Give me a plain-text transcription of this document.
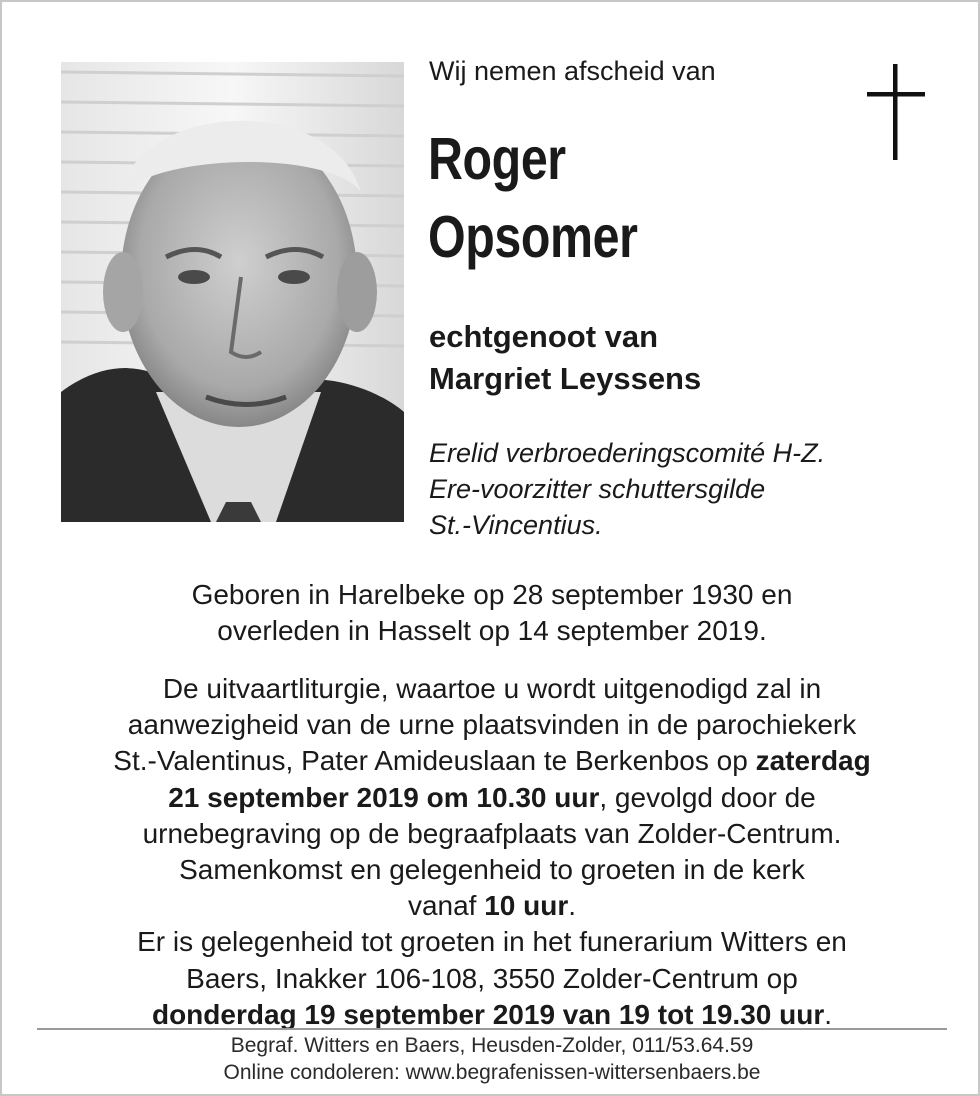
Wij nemen afscheid van
Roger
Opsomer
echtgenoot van
Margriet Leyssens
Erelid verbroederingscomité H-Z.
Ere-voorzitter schuttersgilde
St.-Vincentius.
Geboren in Harelbeke op 28 september 1930 en
overleden in Hasselt op 14 september 2019.
De uitvaartliturgie, waartoe u wordt uitgenodigd zal in
aanwezigheid van de urne plaatsvinden in de parochiekerk
St.-Valentinus, Pater Amideuslaan te Berkenbos op zaterdag
21 september 2019 om 10.30 uur, gevolgd door de
urnebegraving op de begraafplaats van Zolder-Centrum.
Samenkomst en gelegenheid to groeten in de kerk
vanaf 10 uur.
Er is gelegenheid tot groeten in het funerarium Witters en
Baers, Inakker 106-108, 3550 Zolder-Centrum op
donderdag 19 september 2019 van 19 tot 19.30 uur.
Begraf. Witters en Baers, Heusden-Zolder, 011/53.64.59
Online condoleren: www.begrafenissen-wittersenbaers.be
